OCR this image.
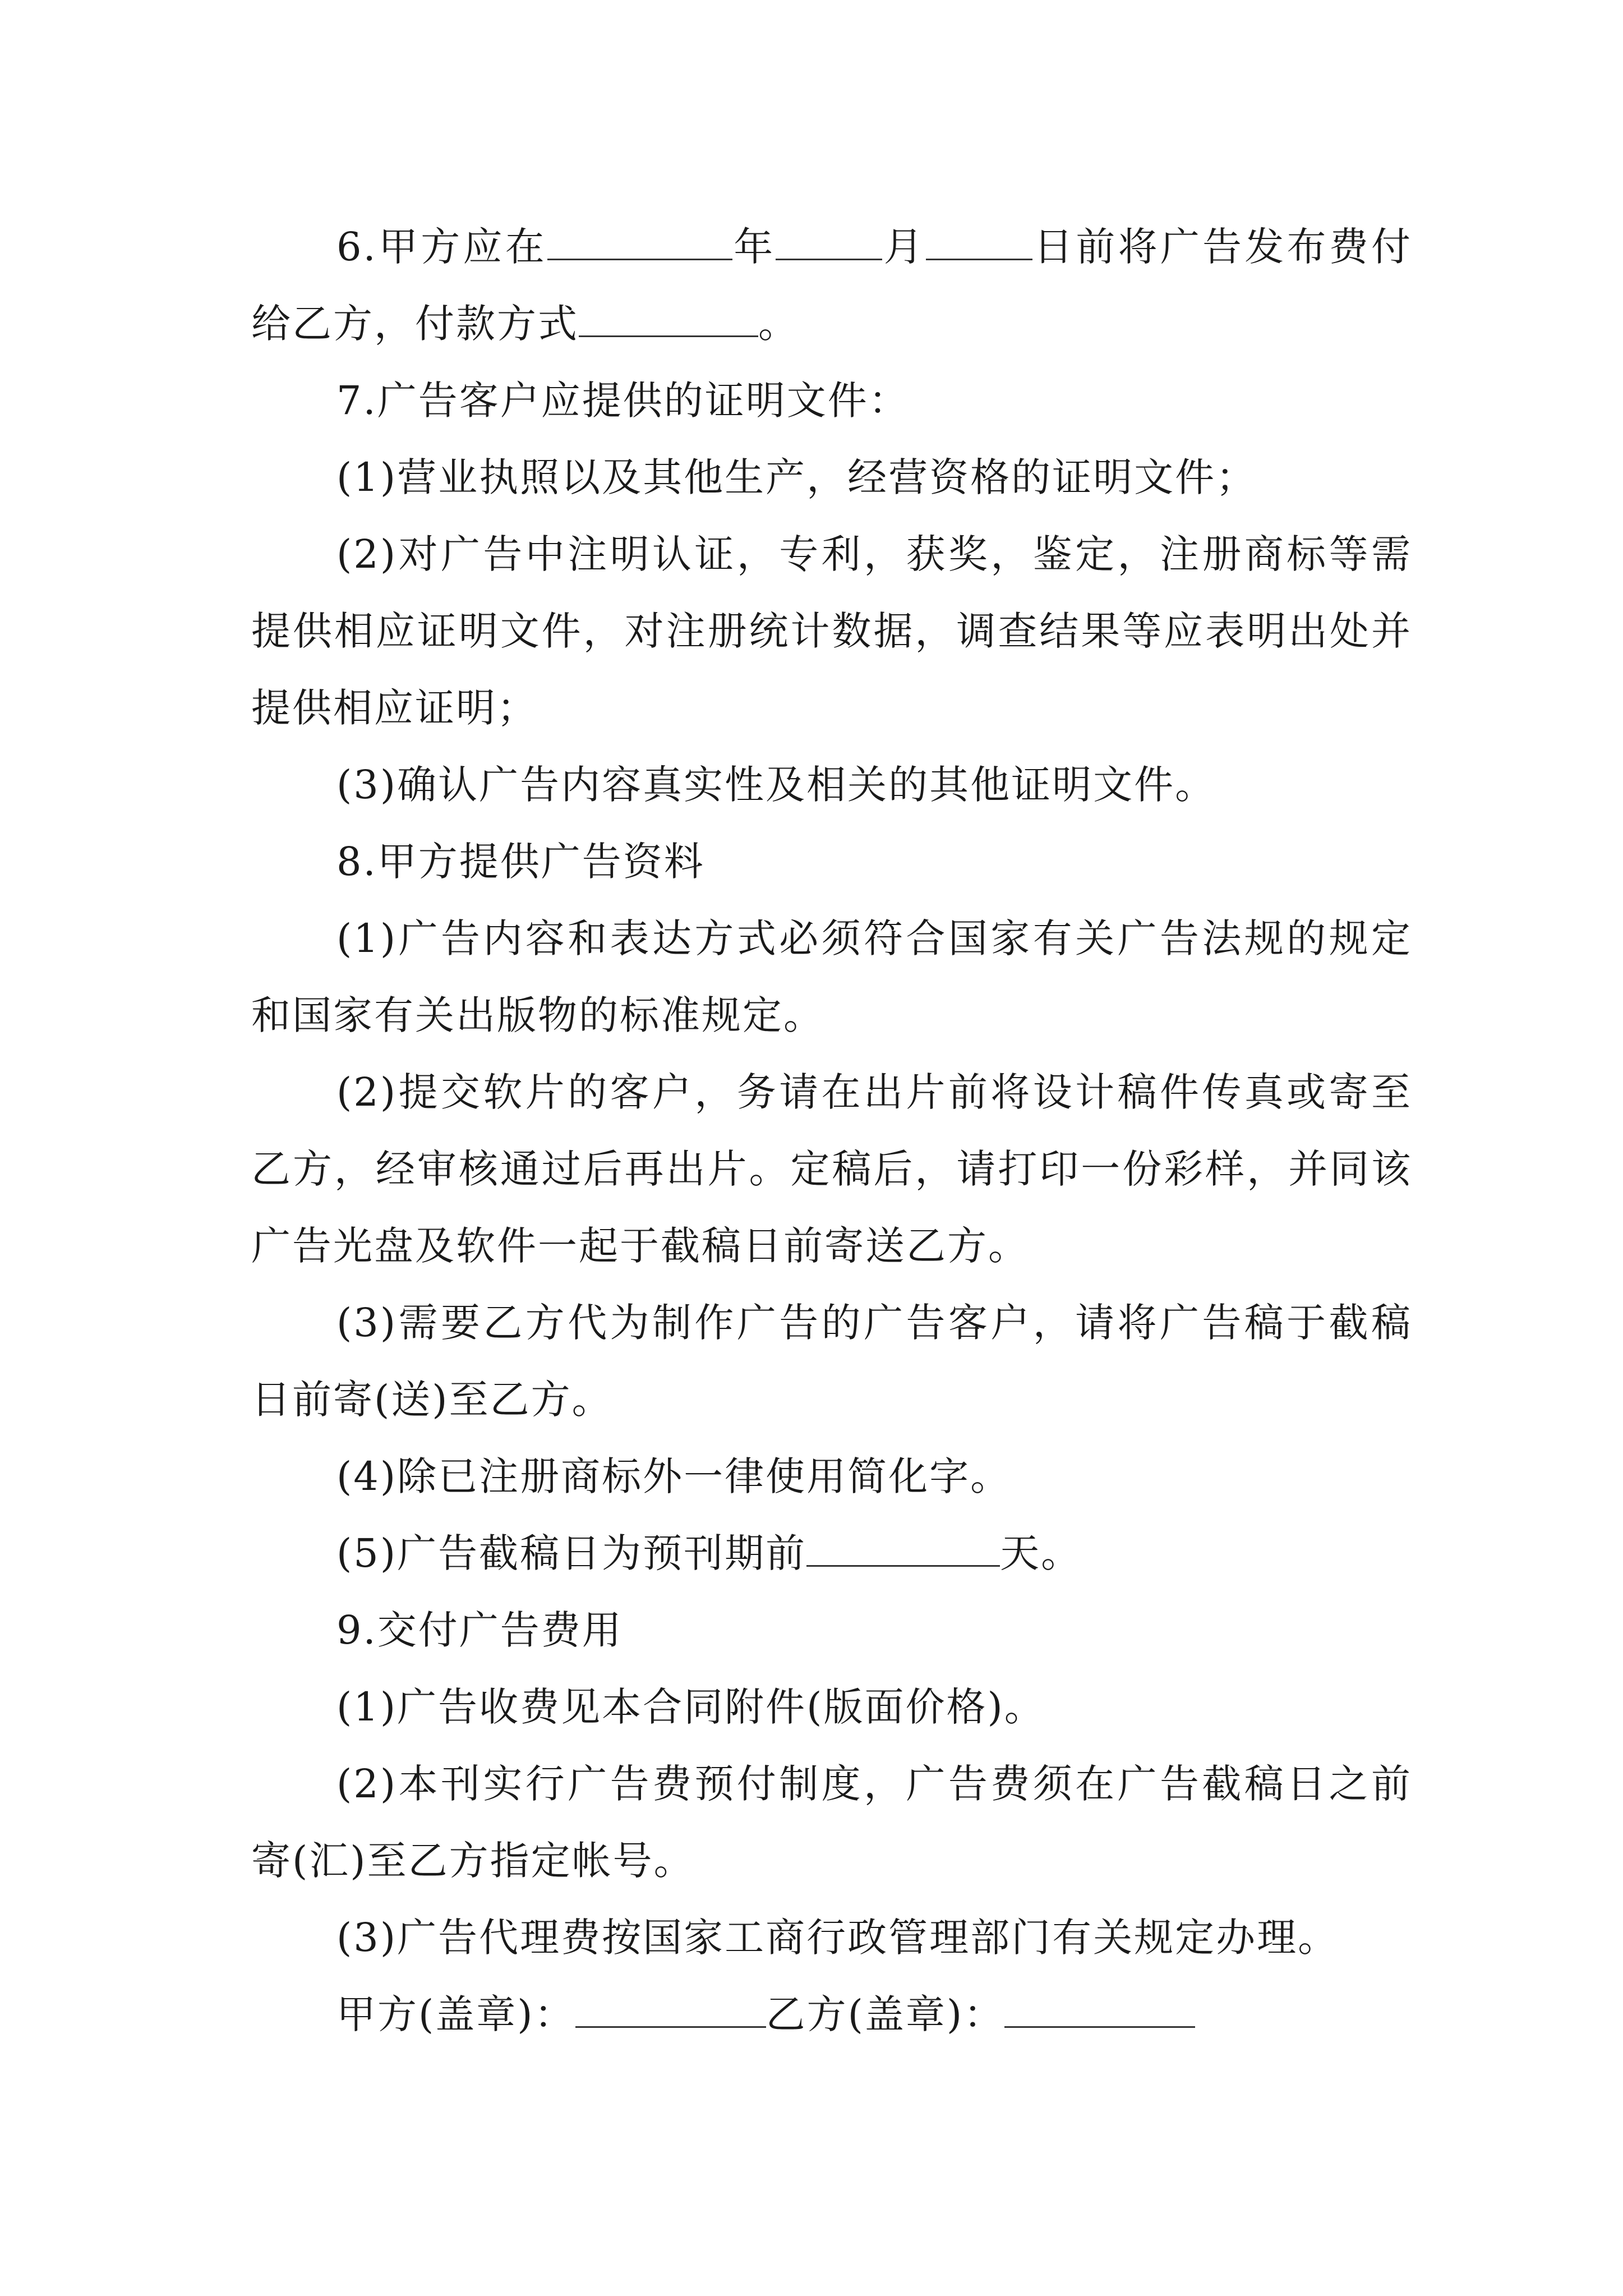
6.甲方应在	年	月	日前将广告发布费付给乙方，付款方式	。

7.广告客户应提供的证明文件：

(1)营业执照以及其他生产，经营资格的证明文件；

(2)对广告中注明认证，专利，获奖，鉴定，注册商标等需提供相应证明文件，对注册统计数据，调查结果等应表明出处并提供相应证明；

(3)确认广告内容真实性及相关的其他证明文件。

8.甲方提供广告资料

(1)广告内容和表达方式必须符合国家有关广告法规的规定和国家有关出版物的标准规定。

(2)提交软片的客户，务请在出片前将设计稿件传真或寄至乙方，经审核通过后再出片。定稿后，请打印一份彩样，并同该广告光盘及软件一起于截稿日前寄送乙方。

(3)需要乙方代为制作广告的广告客户，请将广告稿于截稿日前寄(送)至乙方。

(4)除已注册商标外一律使用简化字。

(5)广告截稿日为预刊期前	天。

9.交付广告费用

(1)广告收费见本合同附件(版面价格)。

(2)本刊实行广告费预付制度，广告费须在广告截稿日之前寄(汇)至乙方指定帐号。

(3)广告代理费按国家工商行政管理部门有关规定办理。

甲方(盖章)：	乙方(盖章)：
